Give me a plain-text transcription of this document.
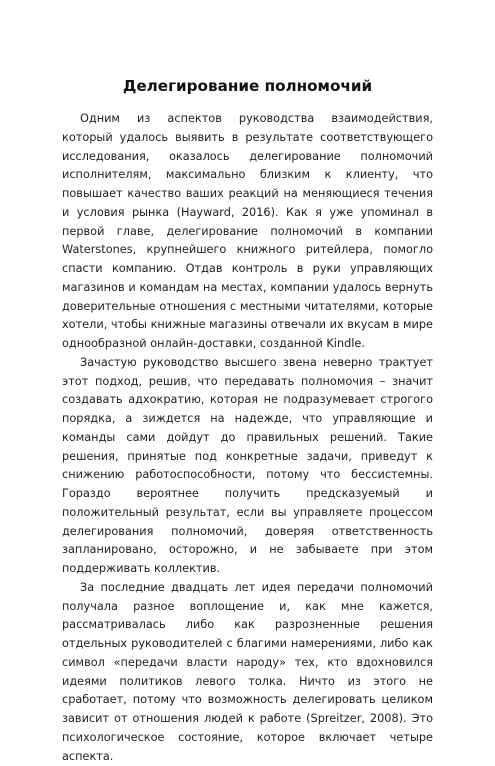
Делегирование полномочий

Одним из аспектов руководства взаимодействия, который удалось выявить в результате соответствующего исследования, оказалось делегирование полномочий исполнителям, максимально близким к клиенту, что повышает качество ваших реакций на меняющиеся течения и условия рынка (Hayward, 2016). Как я уже упоминал в первой главе, делегирование полномочий в компании Waterstones, крупнейшего книжного ритейлера, помогло спасти компанию. Отдав контроль в руки управляющих магазинов и командам на местах, компании удалось вернуть доверительные отношения с местными читателями, которые хотели, чтобы книжные магазины отвечали их вкусам в мире однообразной онлайн-доставки, созданной Kindle.

Зачастую руководство высшего звена неверно трактует этот подход, решив, что передавать полномочия – значит создавать адхократию, которая не подразумевает строгого порядка, а зиждется на надежде, что управляющие и команды сами дойдут до правильных решений. Такие решения, принятые под конкретные задачи, приведут к снижению работоспособности, потому что бессистемны. Гораздо вероятнее получить предсказуемый и положительный результат, если вы управляете процессом делегирования полномочий, доверяя ответственность запланировано, осторожно, и не забываете при этом поддерживать коллектив.

За последние двадцать лет идея передачи полномочий получала разное воплощение и, как мне кажется, рассматривалась либо как разрозненные решения отдельных руководителей с благими намерениями, либо как символ «передачи власти народу» тех, кто вдохновился идеями политиков левого толка. Ничто из этого не сработает, потому что возможность делегировать целиком зависит от отношения людей к работе (Spreitzer, 2008). Это психологическое состояние, которое включает четыре аспекта.
